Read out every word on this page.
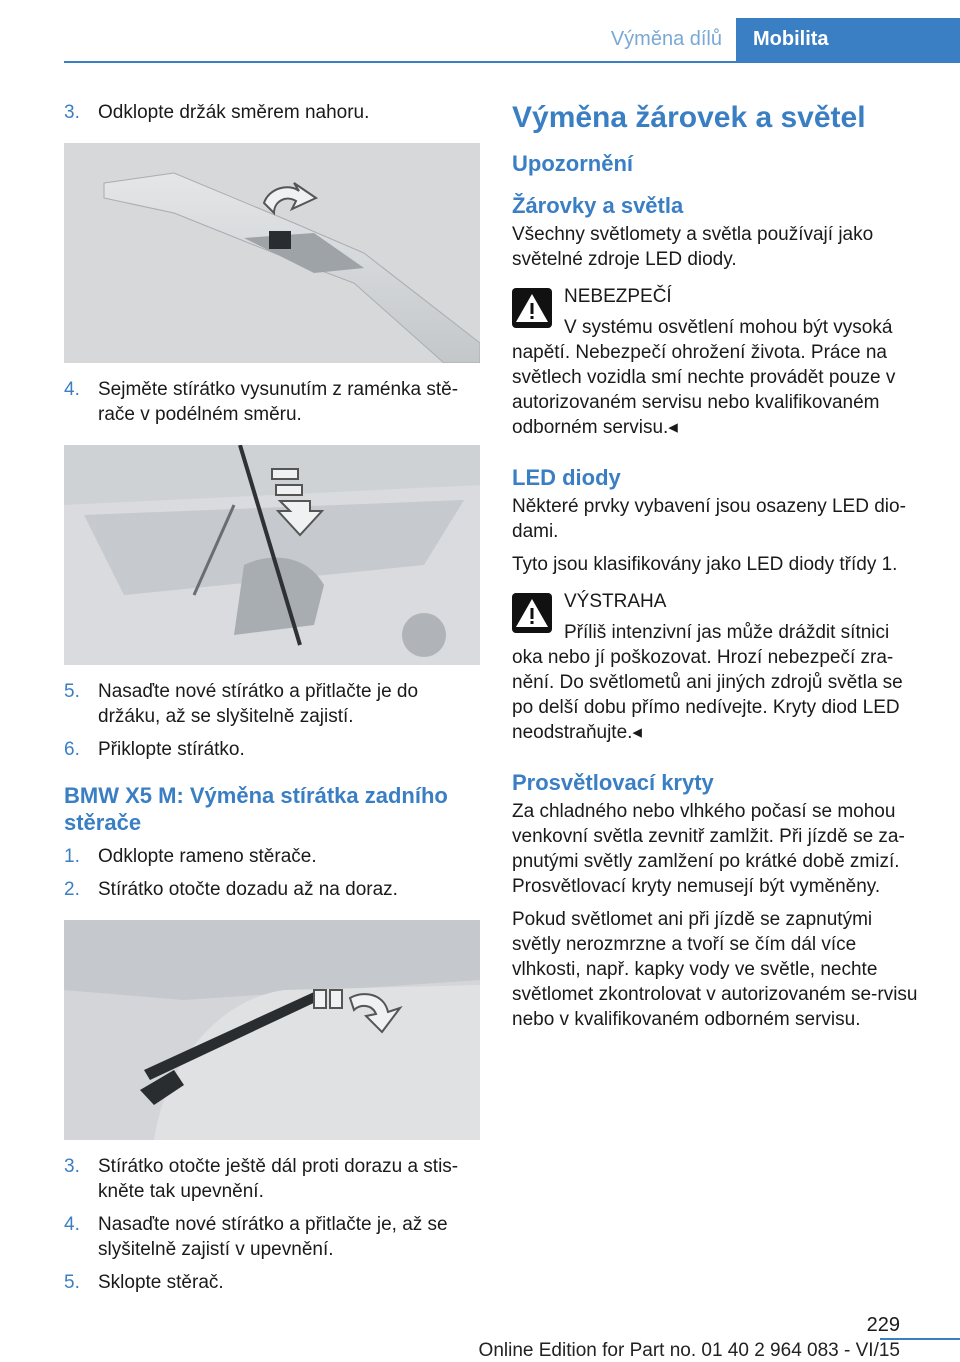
Výměna dílů	Mobilita
3. Odklopte držák směrem nahoru.
4. Sejměte stírátko vysunutím z raménka stě-rače v podélném směru.
5. Nasaďte nové stírátko a přitlačte je do držáku, až se slyšitelně zajistí.
6. Přiklopte stírátko.
BMW X5 M: Výměna stírátka zadního stěrače
1. Odklopte rameno stěrače.
2. Stírátko otočte dozadu až na doraz.
3. Stírátko otočte ještě dál proti dorazu a stis-kněte tak upevnění.
4. Nasaďte nové stírátko a přitlačte je, až se slyšitelně zajistí v upevnění.
5. Sklopte stěrač.
Výměna žárovek a světel
Upozornění
Žárovky a světla

Všechny světlomety a světla používají jako světelné zdroje LED diody.

NEBEZPEČÍ

V systému osvětlení mohou být vysoká

napětí. Nebezpečí ohrožení života. Práce na světlech vozidla smí nechte provádět pouze v autorizovaném servisu nebo kvalifikovaném odborném servisu.◂

LED diody

Některé prvky vybavení jsou osazeny LED dio-dami.

Tyto jsou klasifikovány jako LED diody třídy 1.

VÝSTRAHA

Příliš intenzivní jas může dráždit sítnici

oka nebo jí poškozovat. Hrozí nebezpečí zra-nění. Do světlometů ani jiných zdrojů světla se po delší dobu přímo nedívejte. Kryty diod LED neodstraňujte.◂

Prosvětlovací kryty

Za chladného nebo vlhkého počasí se mohou venkovní světla zevnitř zamlžit. Při jízdě se za-pnutými světly zamlžení po krátké době zmizí. Prosvětlovací kryty nemusejí být vyměněny.

Pokud světlomet ani při jízdě se zapnutými světly nerozmrzne a tvoří se čím dál více vlhkosti, např. kapky vody ve světle, nechte světlomet zkontrolovat v autorizovaném se-rvisu nebo v kvalifikovaném odborném servisu.

229
Online Edition for Part no. 01 40 2 964 083 - VI/15
